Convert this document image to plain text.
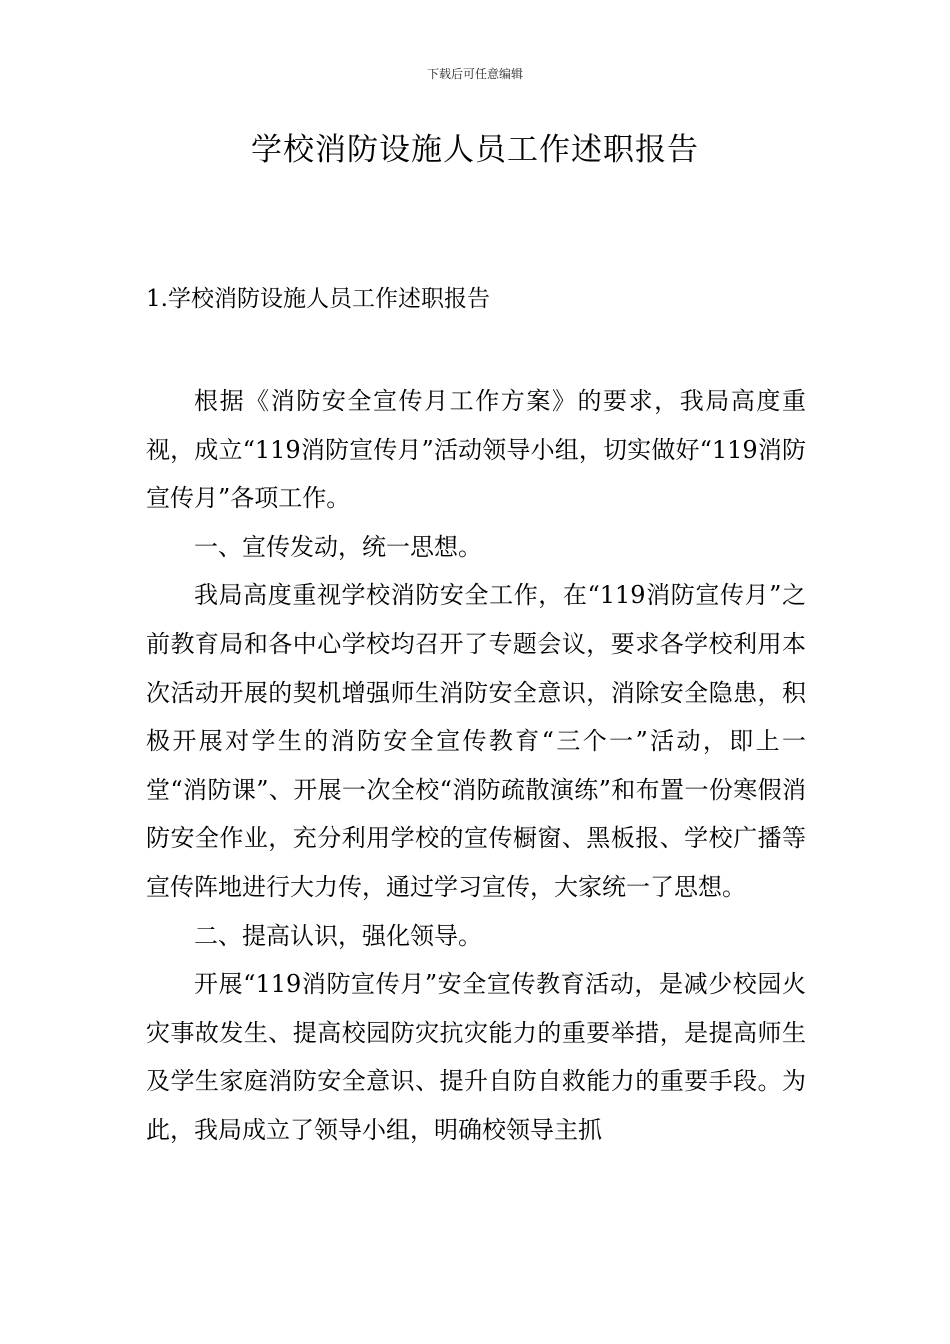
下载后可任意编辑
学校消防设施人员工作述职报告
1.学校消防设施人员工作述职报告

根据《消防安全宣传月工作方案》的要求，我局高度重视，成立“119消防宣传月”活动领导小组，切实做好“119消防宣传月”各项工作。

一、宣传发动，统一思想。

我局高度重视学校消防安全工作，在“119消防宣传月”之前教育局和各中心学校均召开了专题会议，要求各学校利用本次活动开展的契机增强师生消防安全意识，消除安全隐患，积极开展对学生的消防安全宣传教育“三个一”活动，即上一堂“消防课”、开展一次全校“消防疏散演练”和布置一份寒假消防安全作业，充分利用学校的宣传橱窗、黑板报、学校广播等宣传阵地进行大力传，通过学习宣传，大家统一了思想。

二、提高认识，强化领导。

开展“119消防宣传月”安全宣传教育活动，是减少校园火灾事故发生、提高校园防灾抗灾能力的重要举措，是提高师生及学生家庭消防安全意识、提升自防自救能力的重要手段。为此，我局成立了领导小组，明确校领导主抓
